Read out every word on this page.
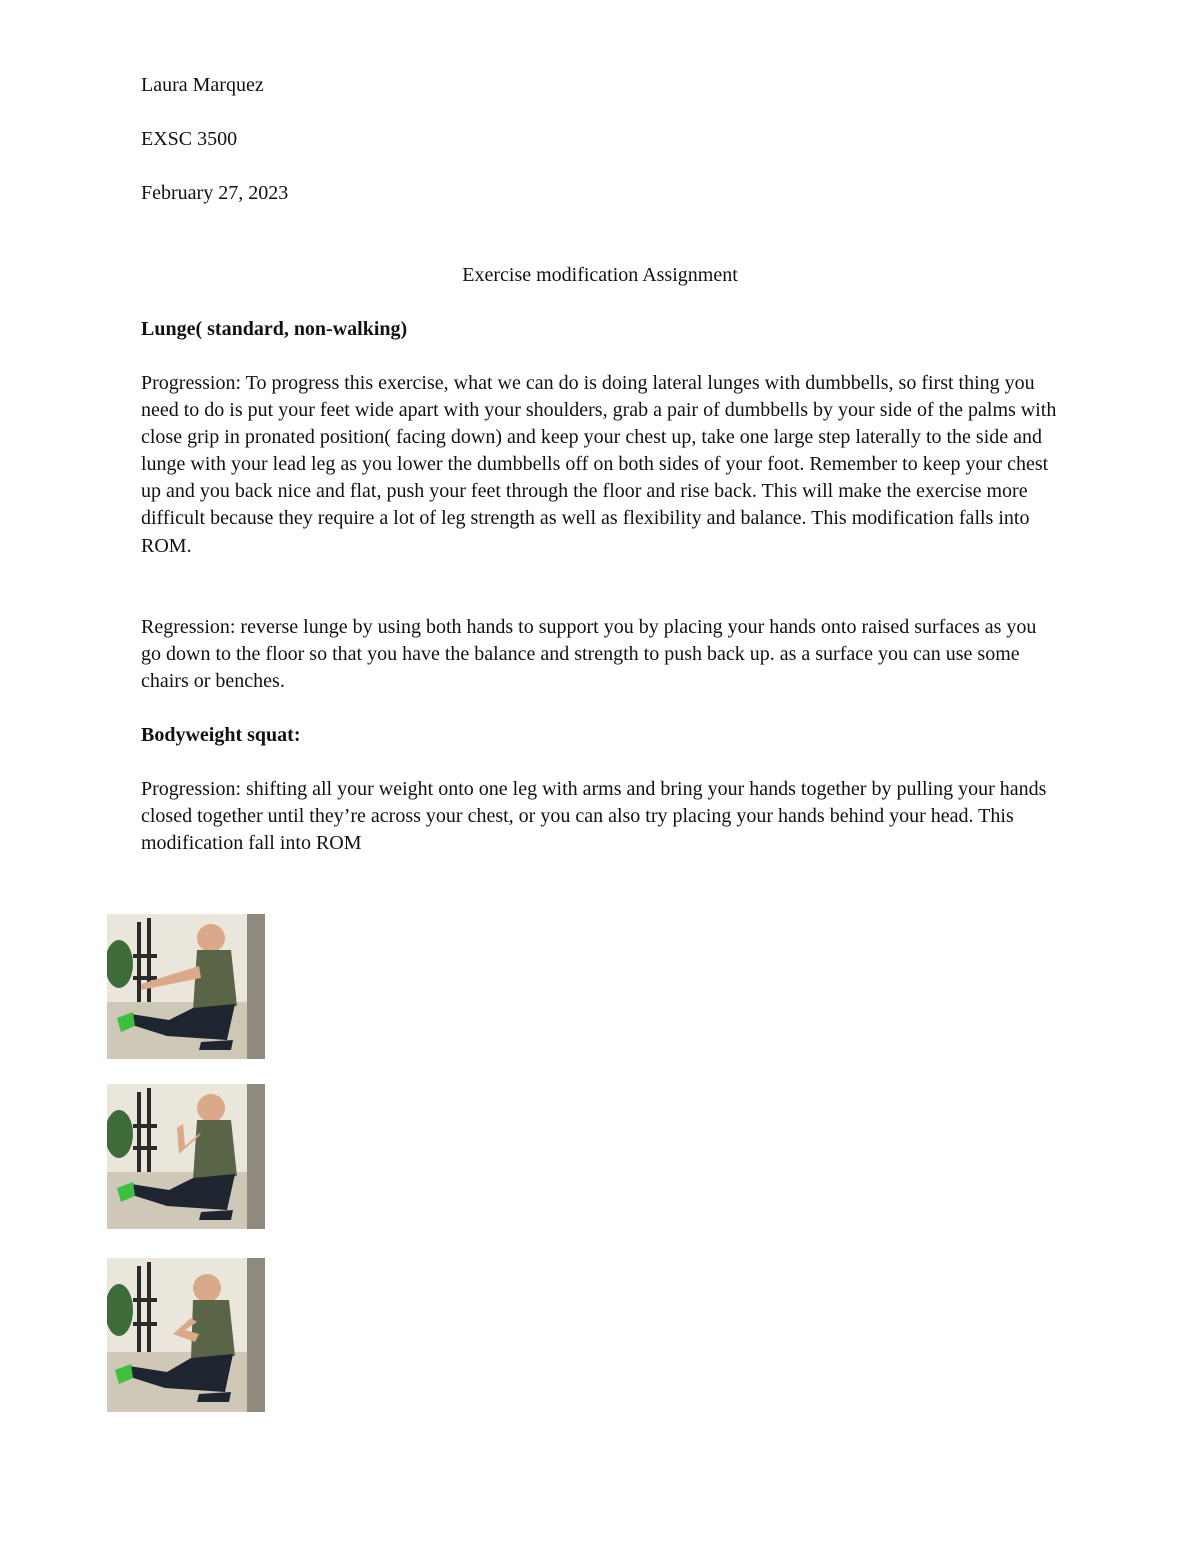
Laura Marquez

EXSC 3500

February 27, 2023

Exercise modification Assignment

Lunge( standard, non-walking)

Progression: To progress this exercise, what we can do is doing lateral lunges with dumbbells, so first thing you need to do is put your feet wide apart with your shoulders, grab a pair of dumbbells by your side of the palms with close grip in pronated position( facing down) and keep your chest up, take one large step laterally to the side and lunge with your lead leg as you lower the dumbbells off on both sides of your foot. Remember to keep your chest up and you back nice and flat, push your feet through the floor and rise back. This will make the exercise more difficult because they require a lot of leg strength as well as flexibility and balance. This modification falls into ROM.

Regression: reverse lunge by using both hands to support you by placing your hands onto raised surfaces as you go down to the floor so that you have the balance and strength to push back up. as a surface you can use some chairs or benches.

Bodyweight squat:

Progression: shifting all your weight onto one leg with arms and bring your hands together by pulling your hands closed together until they’re across your chest, or you can also try placing your hands behind your head. This modification fall into ROM
